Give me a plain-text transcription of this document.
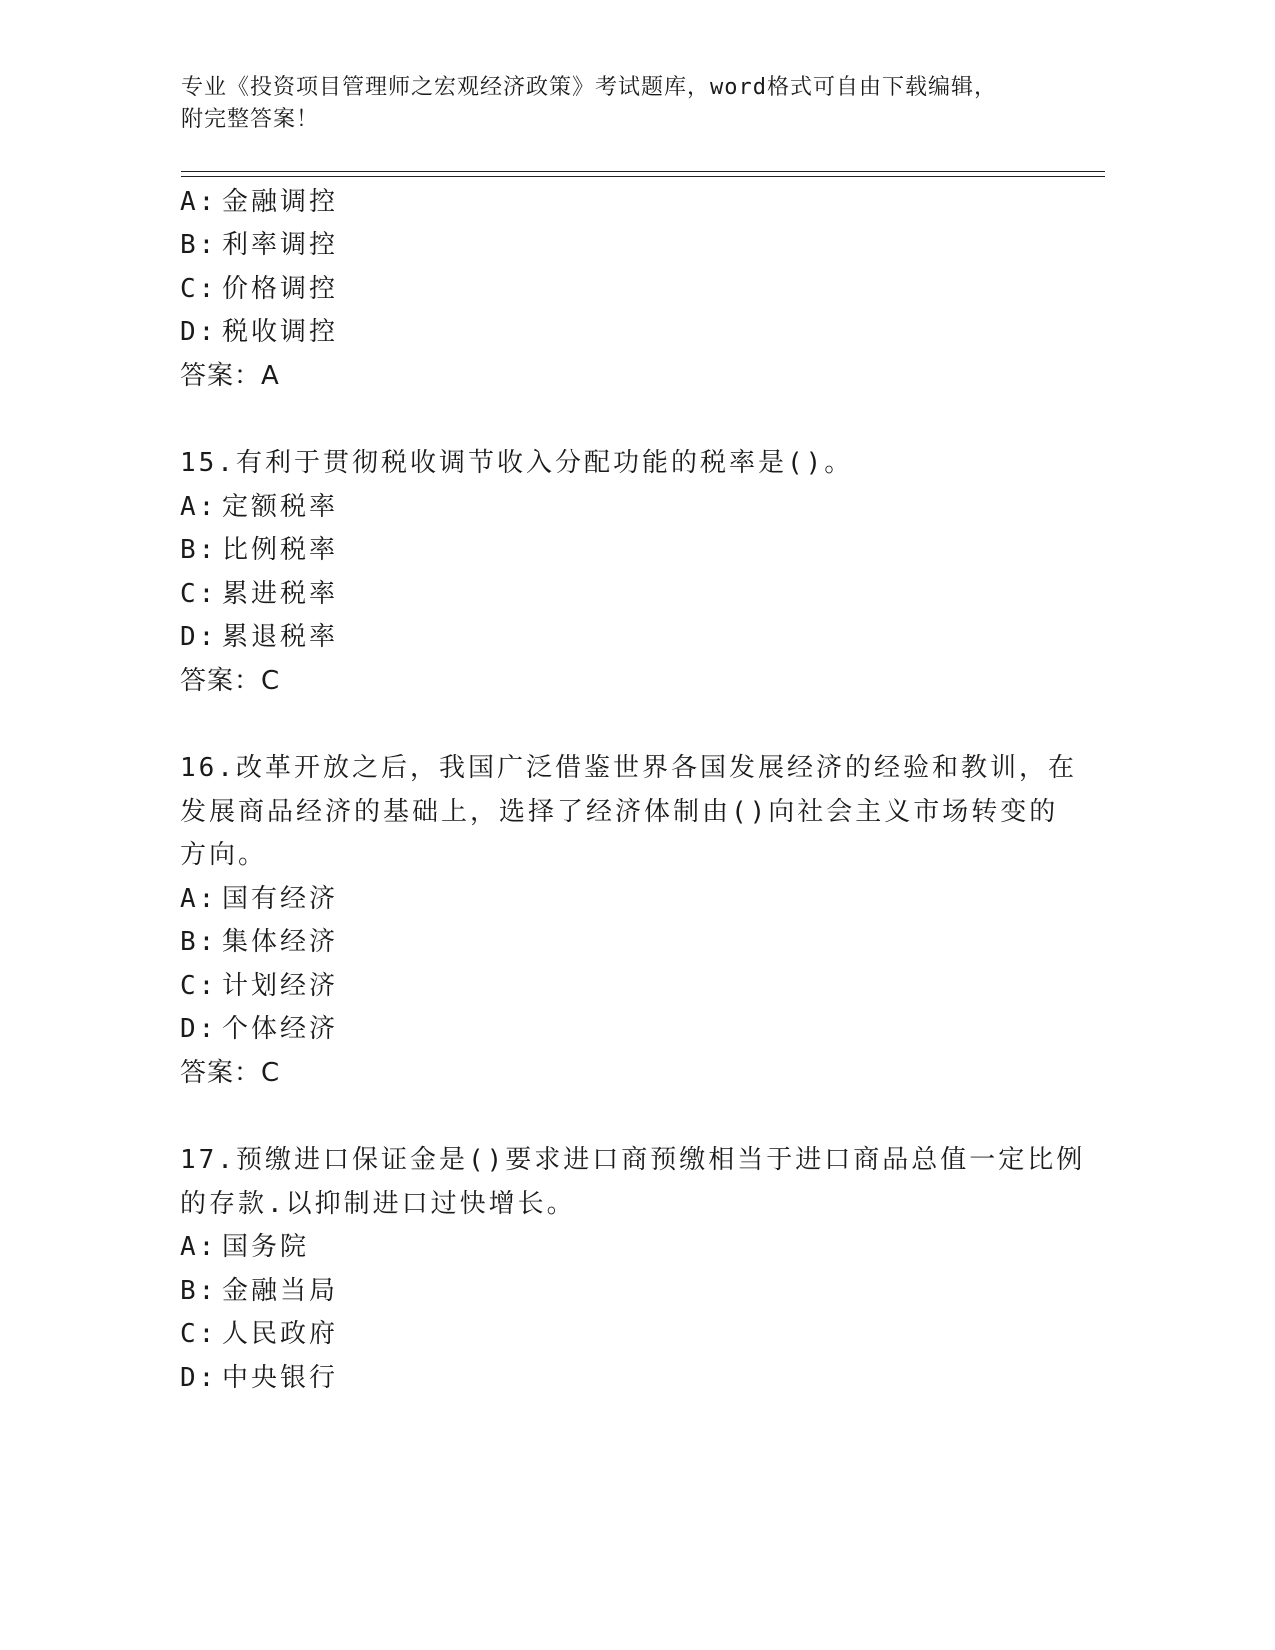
专业《投资项目管理师之宏观经济政策》考试题库，word格式可自由下载编辑，
附完整答案！
A: 金融调控
B: 利率调控
C: 价格调控
D: 税收调控
答案：A
15.有利于贯彻税收调节收入分配功能的税率是()。
A: 定额税率
B: 比例税率
C: 累进税率
D: 累退税率
答案：C
16.改革开放之后，我国广泛借鉴世界各国发展经济的经验和教训，在
发展商品经济的基础上，选择了经济体制由()向社会主义市场转变的
方向。
A: 国有经济
B: 集体经济
C: 计划经济
D: 个体经济
答案：C
17.预缴进口保证金是()要求进口商预缴相当于进口商品总值一定比例
的存款.以抑制进口过快增长。
A: 国务院
B: 金融当局
C: 人民政府
D: 中央银行
